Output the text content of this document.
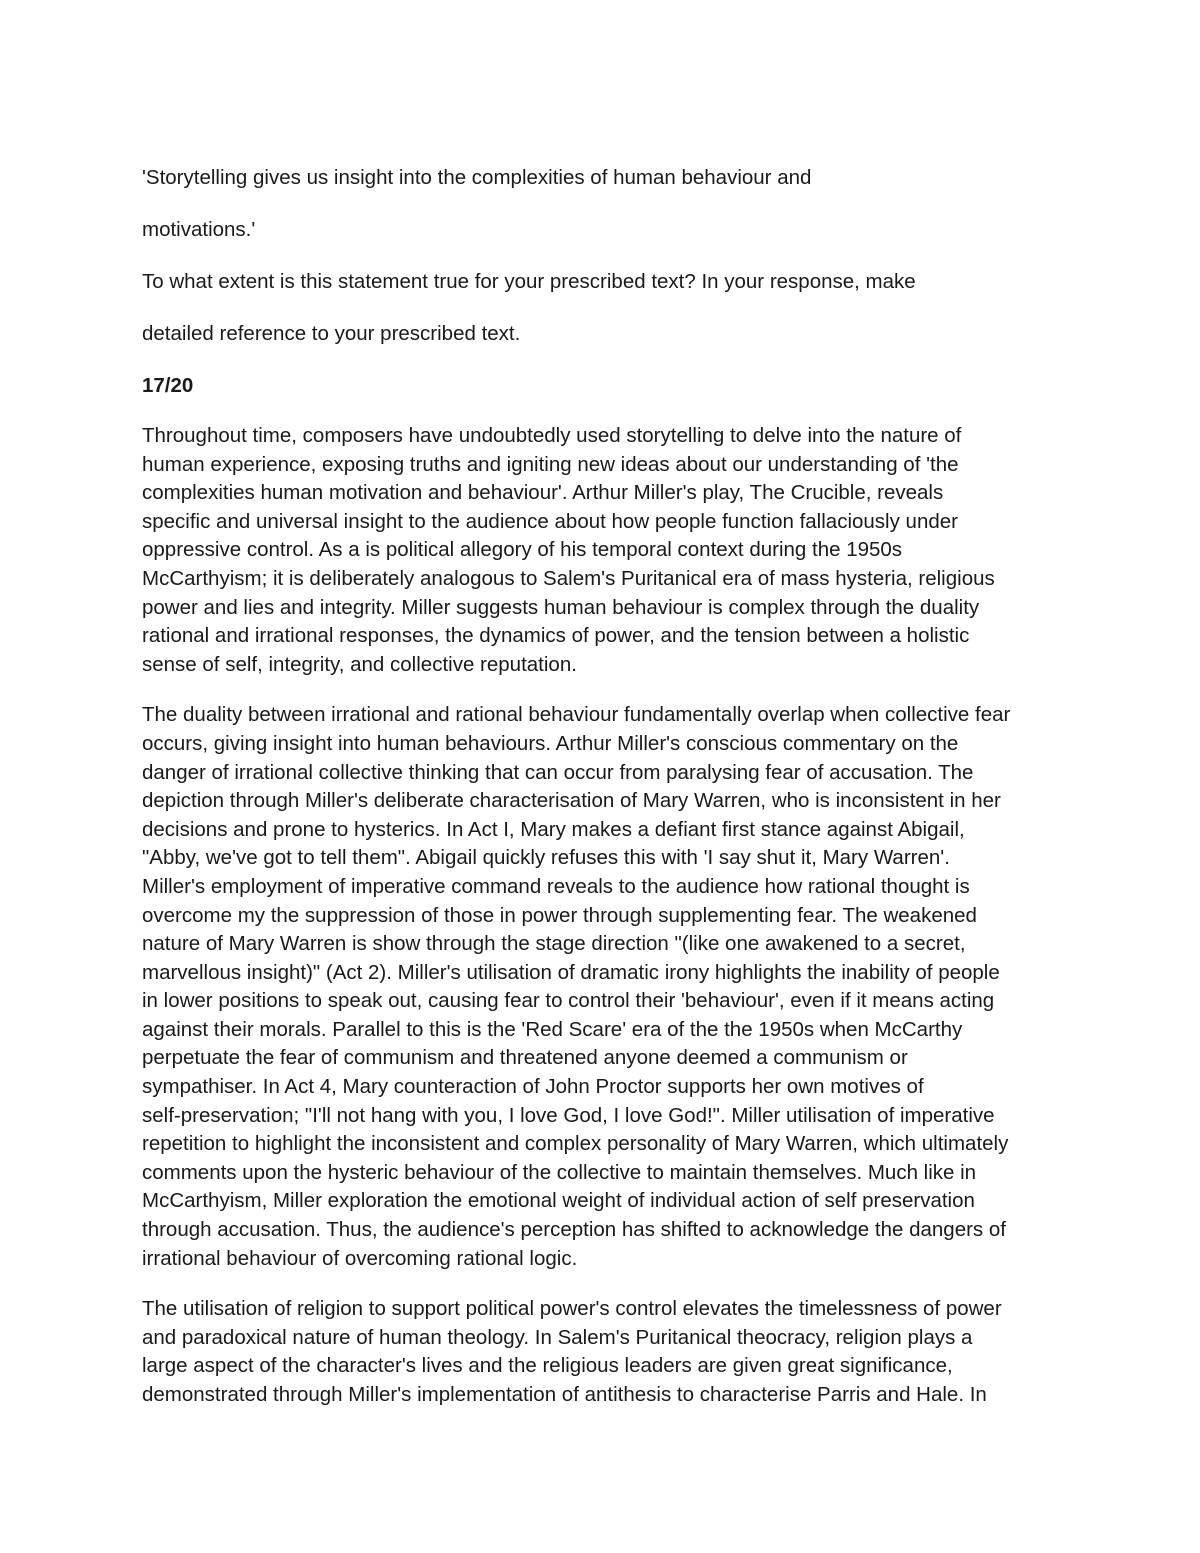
'Storytelling gives us insight into the complexities of human behaviour and

motivations.'

To what extent is this statement true for your prescribed text? In your response, make

detailed reference to your prescribed text.

17/20

Throughout time, composers have undoubtedly used storytelling to delve into the nature of
human experience, exposing truths and igniting new ideas about our understanding of 'the
complexities human motivation and behaviour'. Arthur Miller's play, The Crucible, reveals
specific and universal insight to the audience about how people function fallaciously under
oppressive control. As a is political allegory of his temporal context during the 1950s
McCarthyism; it is deliberately analogous to Salem's Puritanical era of mass hysteria, religious
power and lies and integrity. Miller suggests human behaviour is complex through the duality
rational and irrational responses, the dynamics of power, and the tension between a holistic
sense of self, integrity, and collective reputation.

The duality between irrational and rational behaviour fundamentally overlap when collective fear
occurs, giving insight into human behaviours. Arthur Miller's conscious commentary on the
danger of irrational collective thinking that can occur from paralysing fear of accusation. The
depiction through Miller's deliberate characterisation of Mary Warren, who is inconsistent in her
decisions and prone to hysterics. In Act I, Mary makes a defiant first stance against Abigail,
"Abby, we've got to tell them". Abigail quickly refuses this with 'I say shut it, Mary Warren'.
Miller's employment of imperative command reveals to the audience how rational thought is
overcome my the suppression of those in power through supplementing fear. The weakened
nature of Mary Warren is show through the stage direction "(like one awakened to a secret,
marvellous insight)" (Act 2). Miller's utilisation of dramatic irony highlights the inability of people
in lower positions to speak out, causing fear to control their 'behaviour', even if it means acting
against their morals. Parallel to this is the 'Red Scare' era of the the 1950s when McCarthy
perpetuate the fear of communism and threatened anyone deemed a communism or
sympathiser. In Act 4, Mary counteraction of John Proctor supports her own motives of
self-preservation; "I'll not hang with you, I love God, I love God!". Miller utilisation of imperative
repetition to highlight the inconsistent and complex personality of Mary Warren, which ultimately
comments upon the hysteric behaviour of the collective to maintain themselves. Much like in
McCarthyism, Miller exploration the emotional weight of individual action of self preservation
through accusation. Thus, the audience's perception has shifted to acknowledge the dangers of
irrational behaviour of overcoming rational logic.

The utilisation of religion to support political power's control elevates the timelessness of power
and paradoxical nature of human theology. In Salem's Puritanical theocracy, religion plays a
large aspect of the character's lives and the religious leaders are given great significance,
demonstrated through Miller's implementation of antithesis to characterise Parris and Hale. In
